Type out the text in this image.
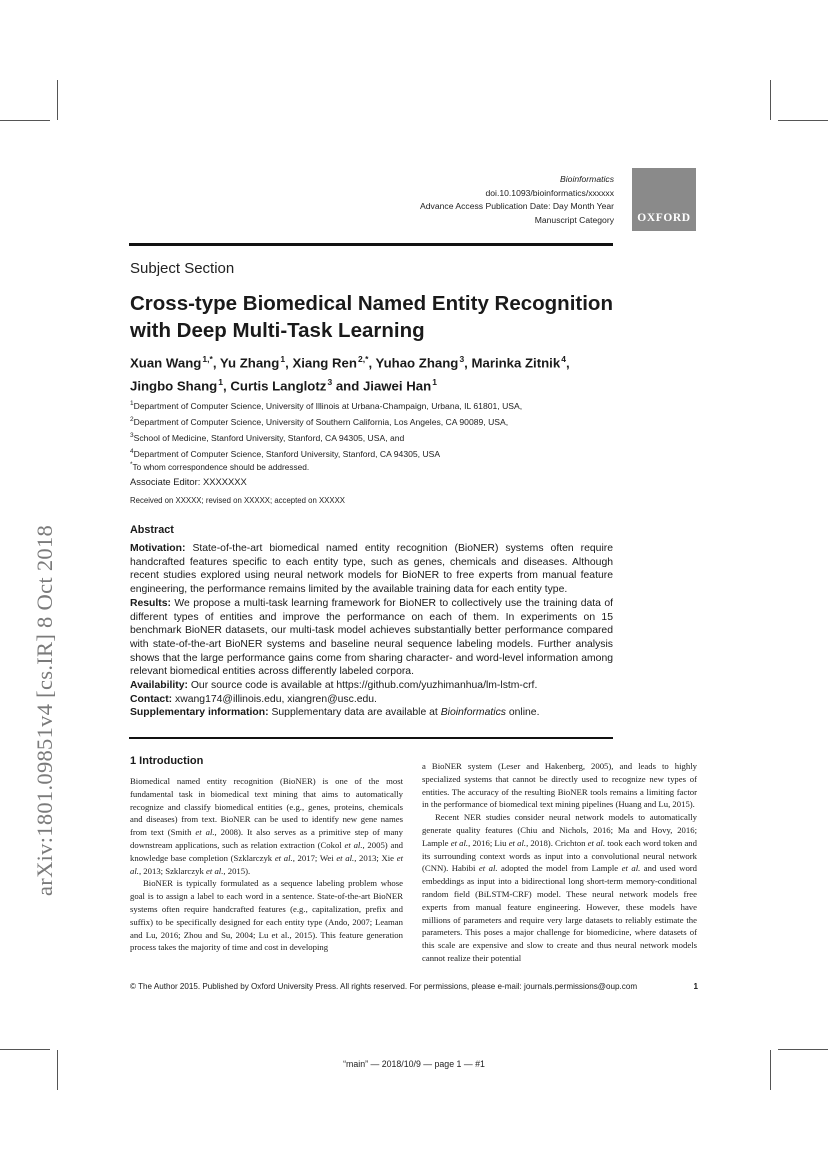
arXiv:1801.09851v4 [cs.IR] 8 Oct 2018
Bioinformatics
doi.10.1093/bioinformatics/xxxxxx
Advance Access Publication Date: Day Month Year
Manuscript Category	OXFORD
Subject Section
Cross-type Biomedical Named Entity Recognition
with Deep Multi-Task Learning
Xuan Wang $^{1,*}$, Yu Zhang $^1$, Xiang Ren $^{2,*}$, Yuhao Zhang $^3$, Marinka Zitnik $^4$,
Jingbo Shang $^1$, Curtis Langlotz $^3$ and Jiawei Han $^1$
$^1$Department of Computer Science, University of Illinois at Urbana-Champaign, Urbana, IL 61801, USA,
$^2$Department of Computer Science, University of Southern California, Los Angeles, CA 90089, USA,
$^3$School of Medicine, Stanford University, Stanford, CA 94305, USA, and
$^4$Department of Computer Science, Stanford University, Stanford, CA 94305, USA
*To whom correspondence should be addressed.
Associate Editor: XXXXXXX
Received on XXXXX; revised on XXXXX; accepted on XXXXX
Abstract

Motivation: State-of-the-art biomedical named entity recognition (BioNER) systems often require handcrafted features specific to each entity type, such as genes, chemicals and diseases. Although recent studies explored using neural network models for BioNER to free experts from manual feature engineering, the performance remains limited by the available training data for each entity type.

Results: We propose a multi-task learning framework for BioNER to collectively use the training data of different types of entities and improve the performance on each of them. In experiments on 15 benchmark BioNER datasets, our multi-task model achieves substantially better performance compared with state-of-the-art BioNER systems and baseline neural sequence labeling models. Further analysis shows that the large performance gains come from sharing character- and word-level information among relevant biomedical entities across differently labeled corpora.

Availability: Our source code is available at https://github.com/yuzhimanhua/lm-lstm-crf.

Contact: xwang174@illinois.edu, xiangren@usc.edu.

Supplementary information: Supplementary data are available at Bioinformatics online.

1 Introduction

Biomedical named entity recognition (BioNER) is one of the most fundamental task in biomedical text mining that aims to automatically recognize and classify biomedical entities (e.g., genes, proteins, chemicals and diseases) from text. BioNER can be used to identify new gene names from text (Smith et al., 2008). It also serves as a primitive step of many downstream applications, such as relation extraction (Cokol et al., 2005) and knowledge base completion (Szklarczyk et al., 2017; Wei et al., 2013; Xie et al., 2013; Szklarczyk et al., 2015).

BioNER is typically formulated as a sequence labeling problem whose goal is to assign a label to each word in a sentence. State-of-the-art BioNER systems often require handcrafted features (e.g., capitalization, prefix and suffix) to be specifically designed for each entity type (Ando, 2007; Leaman and Lu, 2016; Zhou and Su, 2004; Lu et al., 2015). This feature generation process takes the majority of time and cost in developing

a BioNER system (Leser and Hakenberg, 2005), and leads to highly specialized systems that cannot be directly used to recognize new types of entities. The accuracy of the resulting BioNER tools remains a limiting factor in the performance of biomedical text mining pipelines (Huang and Lu, 2015).

Recent NER studies consider neural network models to automatically generate quality features (Chiu and Nichols, 2016; Ma and Hovy, 2016; Lample et al., 2016; Liu et al., 2018). Crichton et al. took each word token and its surrounding context words as input into a convolutional neural network (CNN). Habibi et al. adopted the model from Lample et al. and used word embeddings as input into a bidirectional long short-term memory-conditional random field (BiLSTM-CRF) model. These neural network models free experts from manual feature engineering. However, these models have millions of parameters and require very large datasets to reliably estimate the parameters. This poses a major challenge for biomedicine, where datasets of this scale are expensive and slow to create and thus neural network models cannot realize their potential

© The Author 2015. Published by Oxford University Press. All rights reserved. For permissions, please e-mail: journals.permissions@oup.com	1
“main” — 2018/10/9 — page 1 — #1
